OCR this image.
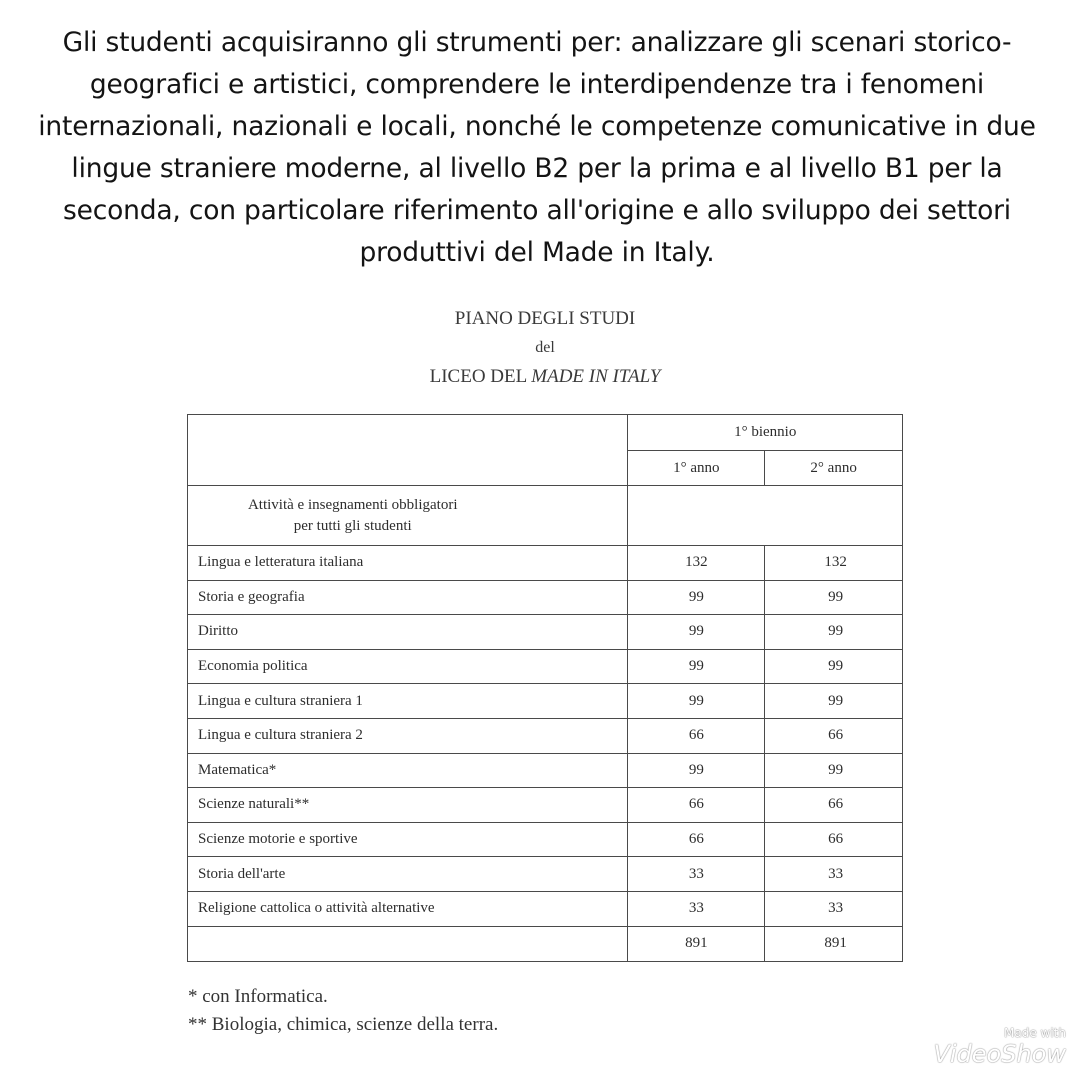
Gli studenti acquisiranno gli strumenti per: analizzare gli scenari storico-geografici e artistici, comprendere le interdipendenze tra i fenomeni internazionali, nazionali e locali, nonché le competenze comunicative in due lingue straniere moderne, al livello B2 per la prima e al livello B1 per la seconda, con particolare riferimento all'origine e allo sviluppo dei settori produttivi del Made in Italy.
PIANO DEGLI STUDI
del
LICEO DEL MADE IN ITALY
	1° biennio	
	1° anno	2° anno

Attività e insegnamenti obbligatori
per tutti gli studenti		

Lingua e letteratura italiana	132	132
Storia e geografia	99	99
Diritto	99	99
Economia politica	99	99
Lingua e cultura straniera 1	99	99
Lingua e cultura straniera 2	66	66
Matematica*	99	99
Scienze naturali**	66	66
Scienze motorie e sportive	66	66
Storia dell'arte	33	33
Religione cattolica o attività alternative	33	33
	891	891
* con Informatica.
** Biologia, chimica, scienze della terra.	Made with
VideoShow
